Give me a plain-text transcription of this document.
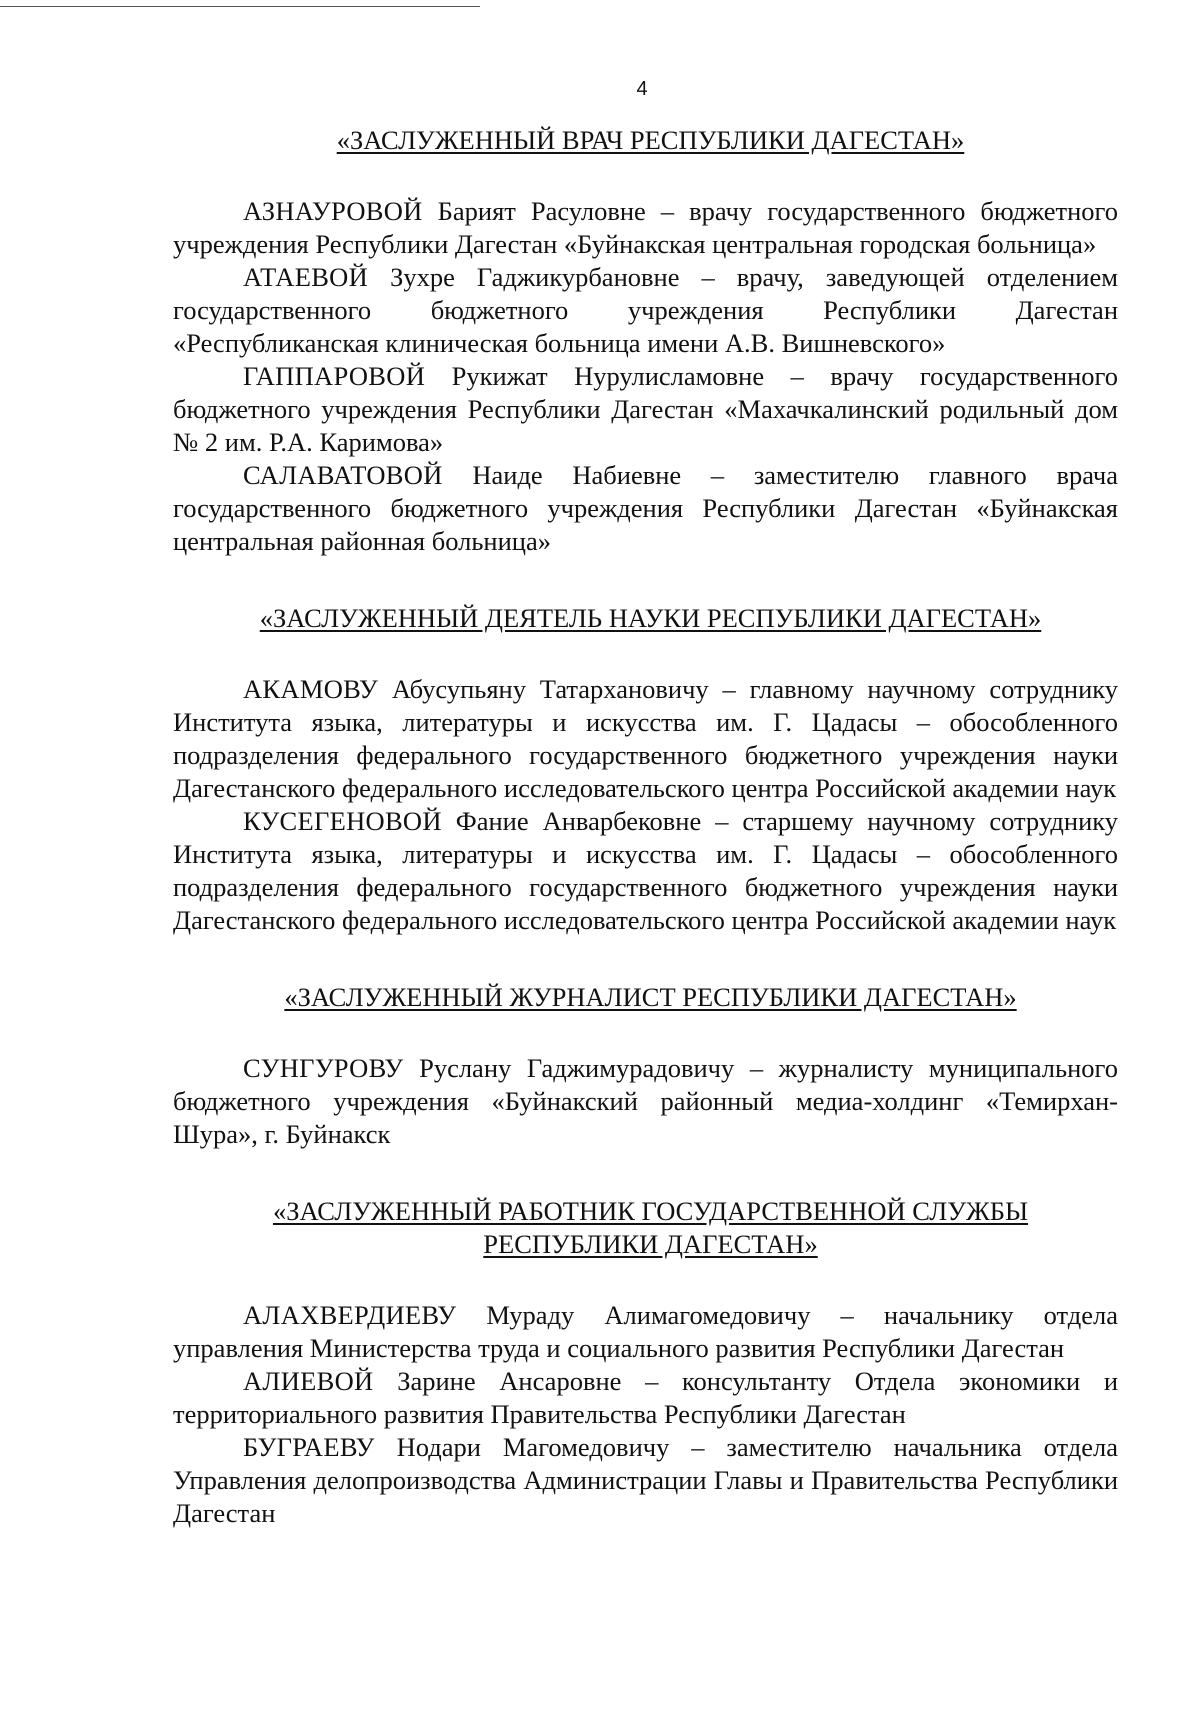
4
«ЗАСЛУЖЕННЫЙ ВРАЧ РЕСПУБЛИКИ ДАГЕСТАН»

АЗНАУРОВОЙ Барият Расуловне – врачу государственного бюджетного учреждения Республики Дагестан «Буйнакская центральная городская больница»

АТАЕВОЙ Зухре Гаджикурбановне – врачу, заведующей отделением государственного бюджетного учреждения Республики Дагестан «Республиканская клиническая больница имени А.В. Вишневского»

ГАППАРОВОЙ Рукижат Нурулисламовне – врачу государственного бюджетного учреждения Республики Дагестан «Махачкалинский родильный дом № 2 им. Р.А. Каримова»

САЛАВАТОВОЙ Наиде Набиевне – заместителю главного врача государственного бюджетного учреждения Республики Дагестан «Буйнакская центральная районная больница»

«ЗАСЛУЖЕННЫЙ ДЕЯТЕЛЬ НАУКИ РЕСПУБЛИКИ ДАГЕСТАН»

АКАМОВУ Абусупьяну Татархановичу – главному научному сотруднику Института языка, литературы и искусства им. Г. Цадасы – обособленного подразделения федерального государственного бюджетного учреждения науки Дагестанского федерального исследовательского центра Российской академии наук

КУСЕГЕНОВОЙ Фание Анварбековне – старшему научному сотруднику Института языка, литературы и искусства им. Г. Цадасы – обособленного подразделения федерального государственного бюджетного учреждения науки Дагестанского федерального исследовательского центра Российской академии наук

«ЗАСЛУЖЕННЫЙ ЖУРНАЛИСТ РЕСПУБЛИКИ ДАГЕСТАН»

СУНГУРОВУ Руслану Гаджимурадовичу – журналисту муниципального бюджетного учреждения «Буйнакский районный медиа-холдинг «Темирхан-Шура», г. Буйнакск

«ЗАСЛУЖЕННЫЙ РАБОТНИК ГОСУДАРСТВЕННОЙ СЛУЖБЫ
РЕСПУБЛИКИ ДАГЕСТАН»

АЛАХВЕРДИЕВУ Мураду Алимагомедовичу – начальнику отдела управления Министерства труда и социального развития Республики Дагестан

АЛИЕВОЙ Зарине Ансаровне – консультанту Отдела экономики и территориального развития Правительства Республики Дагестан

БУГРАЕВУ Нодари Магомедовичу – заместителю начальника отдела Управления делопроизводства Администрации Главы и Правительства Республики Дагестан
